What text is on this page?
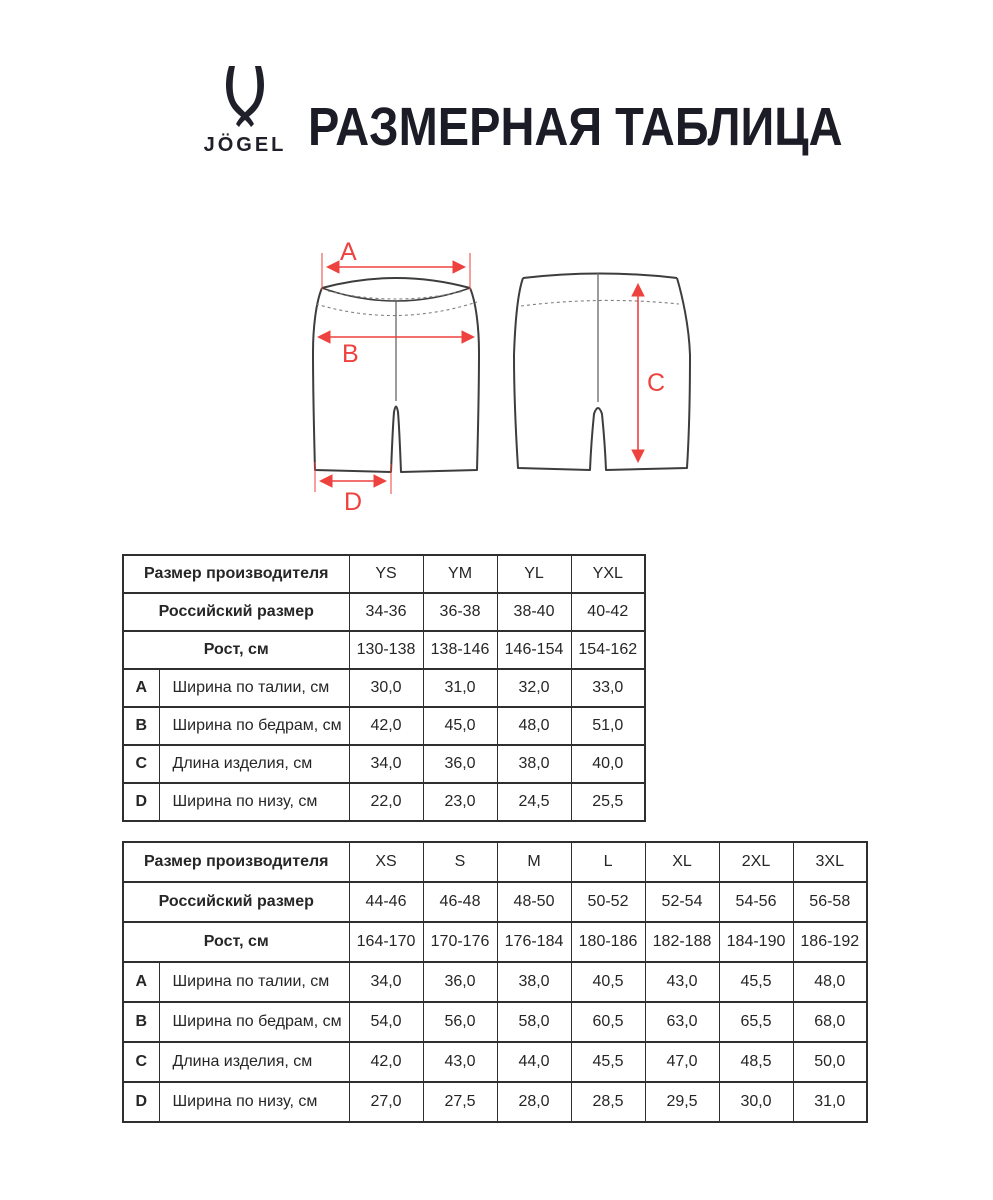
JÖGEL РАЗМЕРНАЯ ТАБЛИЦА
A
B
D
C
Размер производителя		YS	YM	YL	YXL
Российский размер		34-36	36-38	38-40	40-42
Рост, см		130-138	138-146	146-154	154-162
A	Ширина по талии, см	30,0	31,0	32,0	33,0
B	Ширина по бедрам, см	42,0	45,0	48,0	51,0
C	Длина изделия, см	34,0	36,0	38,0	40,0
D	Ширина по низу, см	22,0	23,0	24,5	25,5
Размер производителя		XS	S	M	L	XL	2XL	3XL
Российский размер		44-46	46-48	48-50	50-52	52-54	54-56	56-58
Рост, см		164-170	170-176	176-184	180-186	182-188	184-190	186-192
A	Ширина по талии, см	34,0	36,0	38,0	40,5	43,0	45,5	48,0
B	Ширина по бедрам, см	54,0	56,0	58,0	60,5	63,0	65,5	68,0
C	Длина изделия, см	42,0	43,0	44,0	45,5	47,0	48,5	50,0
D	Ширина по низу, см	27,0	27,5	28,0	28,5	29,5	30,0	31,0
